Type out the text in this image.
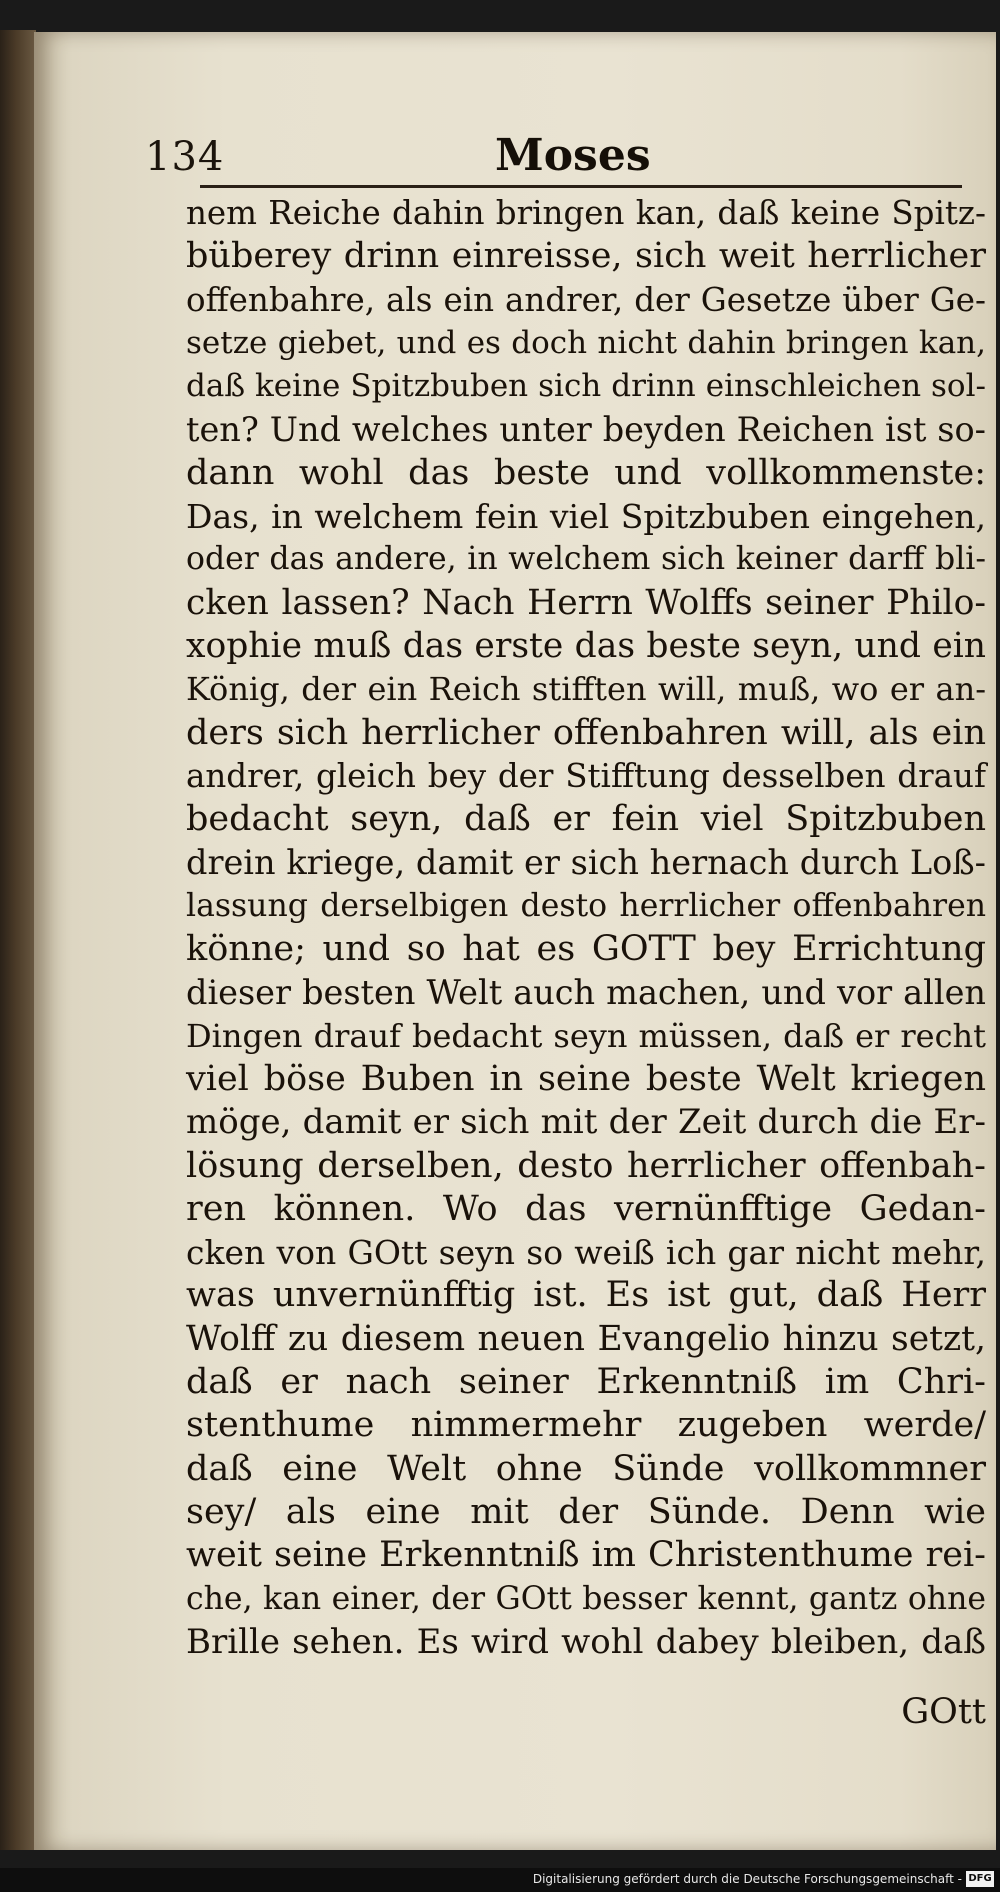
134	Moses
nem Reiche dahin bringen kan, daß keine Spitz-
büberey drinn einreisse, sich weit herrlicher
offenbahre, als ein andrer, der Gesetze über Ge-
setze giebet, und es doch nicht dahin bringen kan,
daß keine Spitzbuben sich drinn einschleichen sol-
ten? Und welches unter beyden Reichen ist so-
dann wohl das beste und vollkommenste:
Das, in welchem fein viel Spitzbuben eingehen,
oder das andere, in welchem sich keiner darff bli-
cken lassen? Nach Herrn Wolffs seiner Philo-
xophie muß das erste das beste seyn, und ein
König, der ein Reich stifften will, muß, wo er an-
ders sich herrlicher offenbahren will, als ein
andrer, gleich bey der Stifftung desselben drauf
bedacht seyn, daß er fein viel Spitzbuben
drein kriege, damit er sich hernach durch Loß-
lassung derselbigen desto herrlicher offenbahren
könne; und so hat es GOTT bey Errichtung
dieser besten Welt auch machen, und vor allen
Dingen drauf bedacht seyn müssen, daß er recht
viel böse Buben in seine beste Welt kriegen
möge, damit er sich mit der Zeit durch die Er-
lösung derselben, desto herrlicher offenbah-
ren können. Wo das vernünfftige Gedan-
cken von GOtt seyn so weiß ich gar nicht mehr,
was unvernünfftig ist. Es ist gut, daß Herr
Wolff zu diesem neuen Evangelio hinzu setzt,
daß er nach seiner Erkenntniß im Chri-
stenthume nimmermehr zugeben werde/
daß eine Welt ohne Sünde vollkommner
sey/ als eine mit der Sünde. Denn wie
weit seine Erkenntniß im Christenthume rei-
che, kan einer, der GOtt besser kennt, gantz ohne
Brille sehen. Es wird wohl dabey bleiben, daß
GOtt
Digitalisierung gefördert durch die Deutsche Forschungsgemeinschaft - DFG
